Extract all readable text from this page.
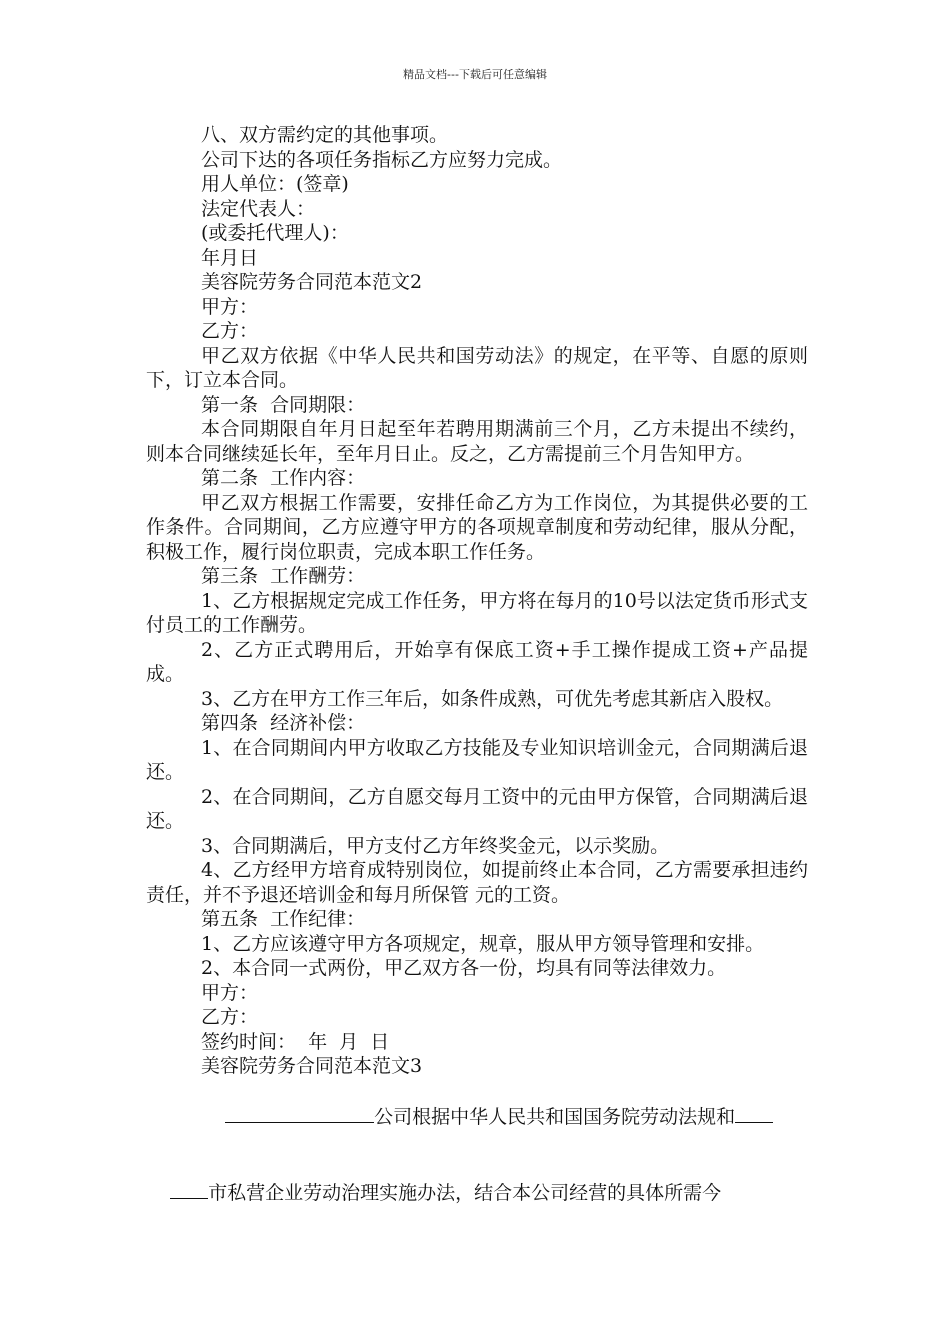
精品文档---下载后可任意编辑
八、双方需约定的其他事项。
公司下达的各项任务指标乙方应努力完成。
用人单位：(签章)
法定代表人：
(或委托代理人)：
年月日
美容院劳务合同范本范文2
甲方：
乙方：
甲乙双方依据《中华人民共和国劳动法》的规定，在平等、自愿的原则下，订立本合同。
第一条  合同期限：
本合同期限自年月日起至年若聘用期满前三个月，乙方未提出不续约，则本合同继续延长年，至年月日止。反之，乙方需提前三个月告知甲方。
第二条  工作内容：
甲乙双方根据工作需要，安排任命乙方为工作岗位，为其提供必要的工作条件。合同期间，乙方应遵守甲方的各项规章制度和劳动纪律，服从分配，积极工作，履行岗位职责，完成本职工作任务。
第三条  工作酬劳：
1、乙方根据规定完成工作任务，甲方将在每月的10号以法定货币形式支付员工的工作酬劳。
2、乙方正式聘用后，开始享有保底工资+手工操作提成工资+产品提成。
3、乙方在甲方工作三年后，如条件成熟，可优先考虑其新店入股权。
第四条  经济补偿：
1、在合同期间内甲方收取乙方技能及专业知识培训金元，合同期满后退还。
2、在合同期间，乙方自愿交每月工资中的元由甲方保管，合同期满后退还。
3、合同期满后，甲方支付乙方年终奖金元，以示奖励。
4、乙方经甲方培育成特别岗位，如提前终止本合同，乙方需要承担违约责任，并不予退还培训金和每月所保管 元的工资。
第五条  工作纪律：
1、乙方应该遵守甲方各项规定，规章，服从甲方领导管理和安排。
2、本合同一式两份，甲乙双方各一份，均具有同等法律效力。
甲方：
乙方：
签约时间：  年  月  日
美容院劳务合同范本范文3

公司根据中华人民共和国国务院劳动法规和

市私营企业劳动治理实施办法，结合本公司经营的具体所需今
